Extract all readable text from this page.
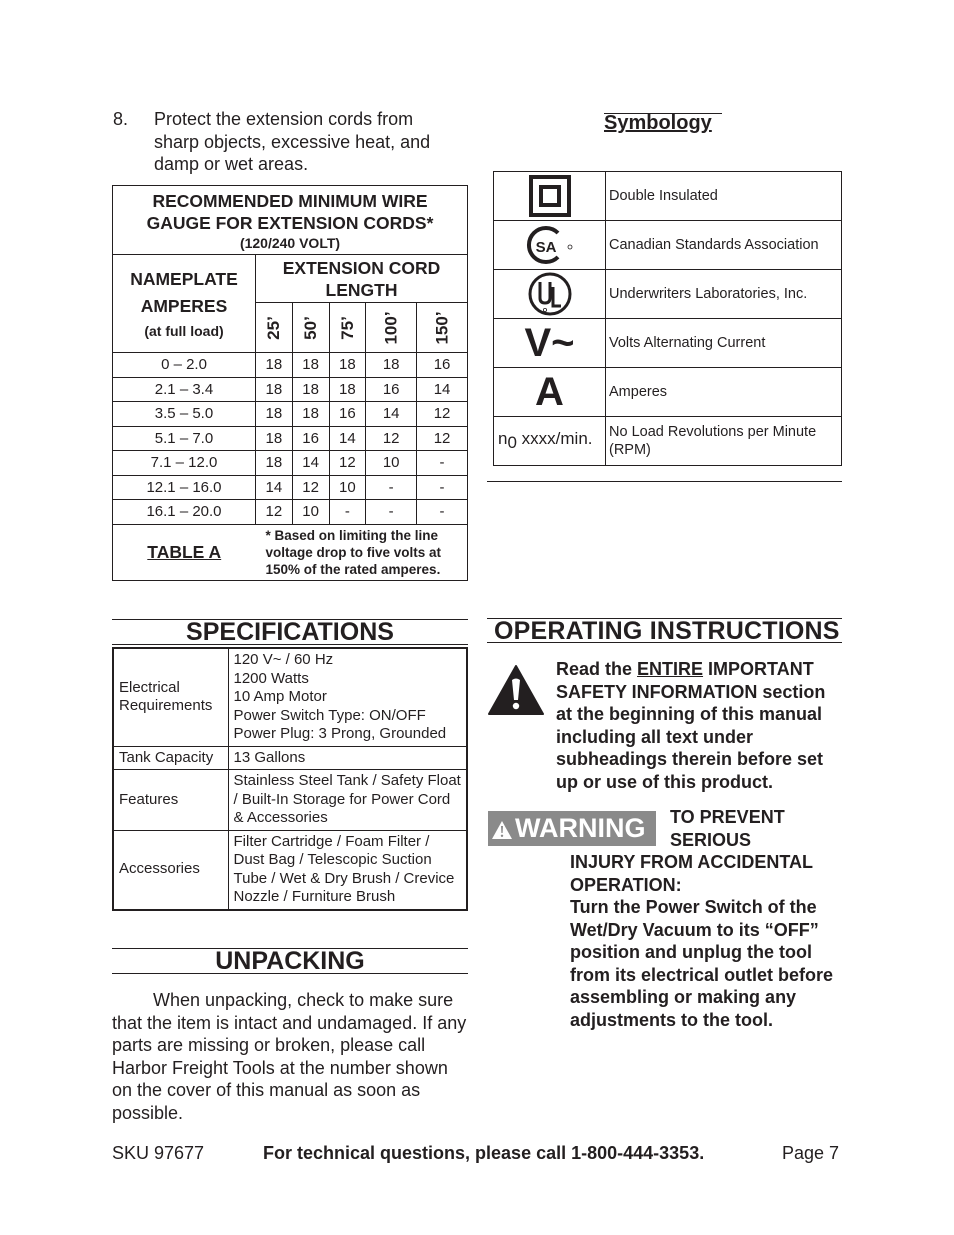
8. Protect the extension cords from sharp objects, excessive heat, and damp or wet areas.
RECOMMENDED MINIMUM WIRE
GAUGE FOR EXTENSION CORDS*
(120/240 VOLT)					

NAMEPLATE
AMPERES
(at full load)	EXTENSION CORD LENGTH				
	25’	50’	75’	100’	150’
0 – 2.0	18	18	18	18	16
2.1 – 3.4	18	18	18	16	14
3.5 – 5.0	18	18	16	14	12
5.1 – 7.0	18	16	14	12	12
7.1 – 12.0	18	14	12	10	-
12.1 – 16.0	14	12	10	-	-
16.1 – 20.0	12	10	-	-	-
TABLE A	* Based on limiting the line voltage drop to five volts at 150% of the rated amperes.				
Symbology
	Double Insulated

SA	Canadian Standards Association

	Underwriters Laboratories, Inc.
V~	Volts Alternating Current
A	Amperes
$n_0$ xxxx/min.	No Load Revolutions per Minute (RPM)
SPECIFICATIONS
Electrical Requirements	120 V~ / 60 Hz
1200 Watts
10 Amp Motor
Power Switch Type: ON/OFF
Power Plug: 3 Prong, Grounded
Tank Capacity	13 Gallons
Features	Stainless Steel Tank / Safety Float / Built-In Storage for Power Cord & Accessories
Accessories	Filter Cartridge / Foam Filter / Dust Bag / Telescopic Suction Tube / Wet & Dry Brush / Crevice Nozzle / Furniture Brush
UNPACKING
When unpacking, check to make sure that the item is intact and undamaged. If any parts are missing or broken, please call Harbor Freight Tools at the number shown on the cover of this manual as soon as possible.
OPERATING INSTRUCTIONS
Read the ENTIRE IMPORTANT SAFETY INFORMATION section at the beginning of this manual including all text under subheadings therein before set up or use of this product.
WARNING	TO PREVENT SERIOUS
INJURY FROM ACCIDENTAL OPERATION:
Turn the Power Switch of the Wet/Dry Vacuum to its “OFF” position and unplug the tool from its electrical outlet before assembling or making any adjustments to the tool.
SKU 97677	For technical questions, please call 1-800-444-3353.	Page 7
